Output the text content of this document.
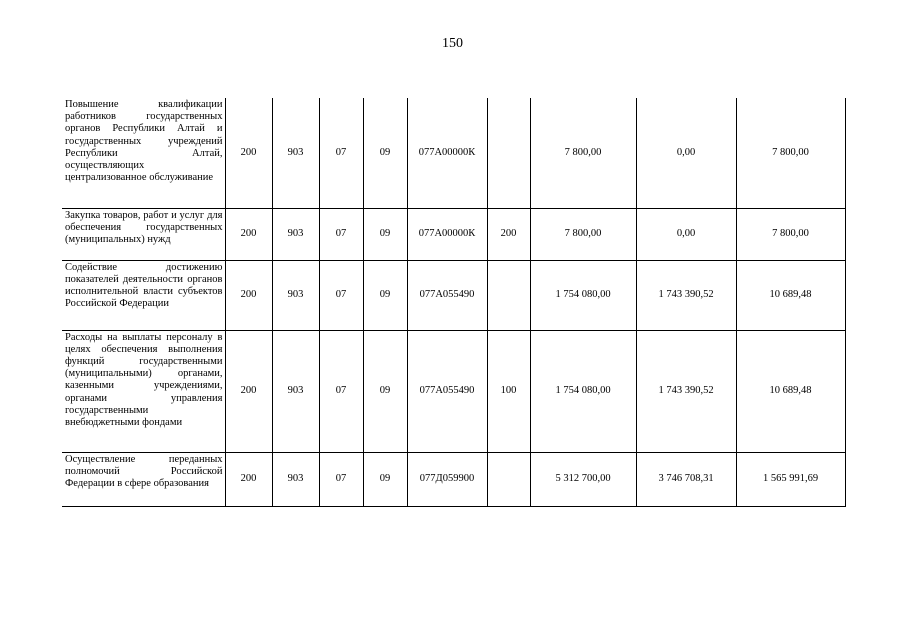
150
Повышение квалификации работников государственных органов Республики Алтай и государственных учреждений Республики Алтай, осуществляющих централизованное обслуживание	200	903	07	09	077А00000К		7 800,00	0,00	7 800,00
Закупка товаров, работ и услуг для обеспечения государственных (муниципальных) нужд	200	903	07	09	077А00000К	200	7 800,00	0,00	7 800,00
Содействие достижению показателей деятельности органов исполнительной власти субъектов Российской Федерации	200	903	07	09	077А055490		1 754 080,00	1 743 390,52	10 689,48
Расходы на выплаты персоналу в целях обеспечения выполнения функций государственными (муниципальными) органами, казенными учреждениями, органами управления государственными внебюджетными фондами	200	903	07	09	077А055490	100	1 754 080,00	1 743 390,52	10 689,48
Осуществление переданных полномочий Российской Федерации в сфере образования	200	903	07	09	077Д059900		5 312 700,00	3 746 708,31	1 565 991,69
